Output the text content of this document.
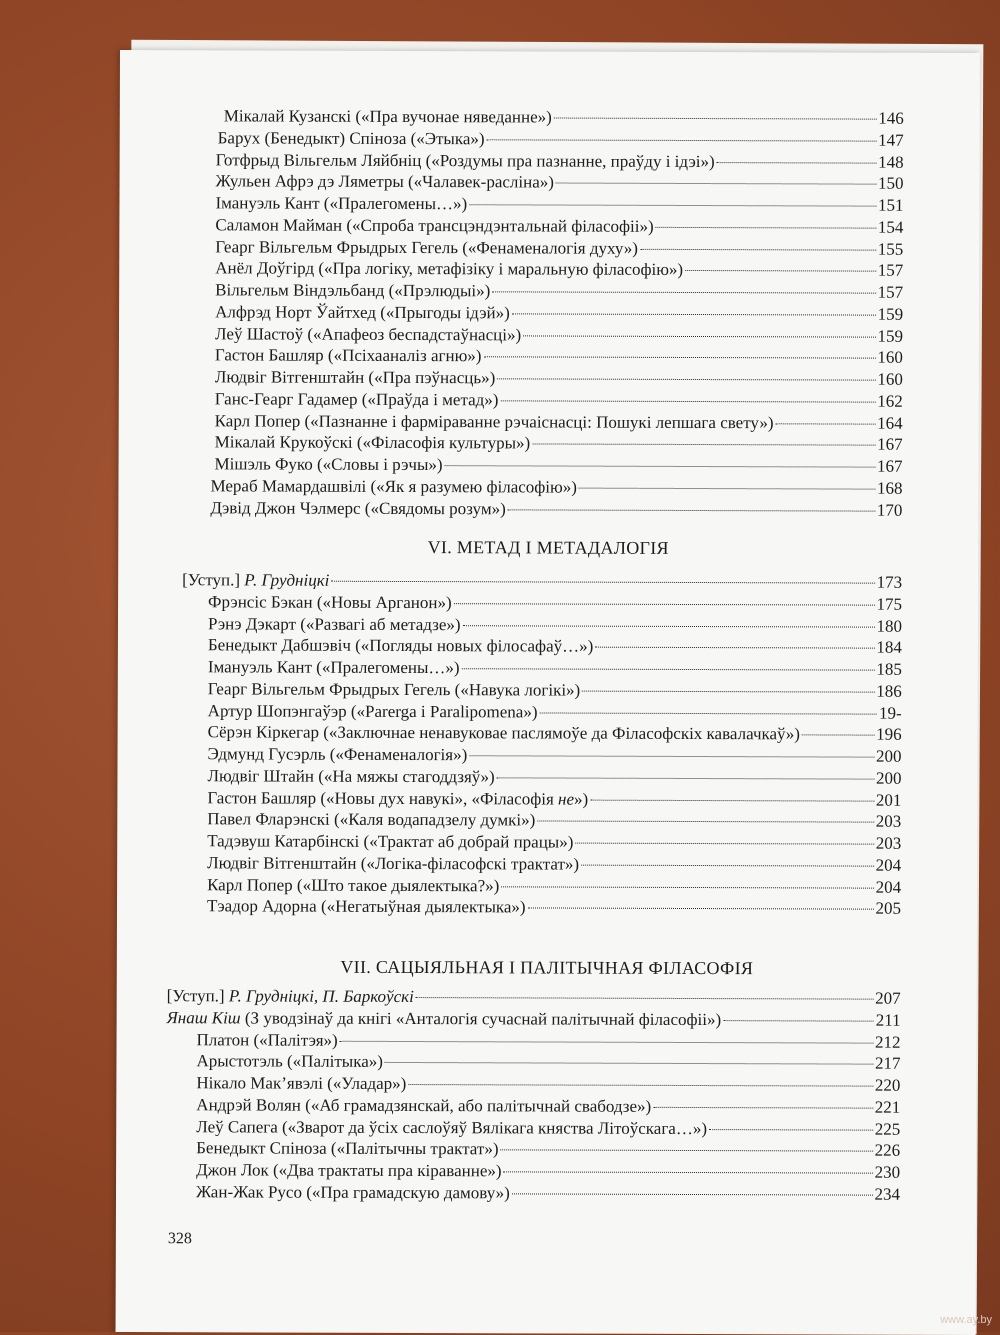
Мікалай Кузанскі («Пра вучонае няведанне»)	146
Барух (Бенедыкт) Спіноза («Этыка»)	147
Готфрыд Вільгельм Ляйбніц («Роздумы пра пазнанне, праўду і ідэі»)	148
Жульен Афрэ дэ Ляметры («Чалавек-расліна»)	150
Імануэль Кант («Пралегомены…»)	151
Саламон Майман («Спроба трансцэндэнтальнай філасофіі»)	154
Геарг Вільгельм Фрыдрых Гегель («Фенаменалогія духу»)	155
Анёл Доўгірд («Пра логіку, метафізіку і маральную філасофію»)	157
Вільгельм Віндэльбанд («Прэлюдыі»)	157
Алфрэд Норт Ўайтхед («Прыгоды ідэй»)	159
Леў Шастоў («Апафеоз беспадстаўнасці»)	159
Гастон Башляр («Псіхааналіз агню»)	160
Людвіг Вітгенштайн («Пра пэўнасць»)	160
Ганс-Геарг Гадамер («Праўда і метад»)	162
Карл Попер («Пазнанне і фарміраванне рэчаіснасці: Пошукі лепшага свету»)	164
Мікалай Крукоўскі («Філасофія культуры»)	167
Мішэль Фуко («Словы і рэчы»)	167
Мераб Мамардашвілі («Як я разумею філасофію»)	168
Дэвід Джон Чэлмерс («Свядомы розум»)	170
VI. МЕТАД І МЕТАДАЛОГІЯ
[Уступ.] Р. Грудніцкі	173
Фрэнсіс Бэкан («Новы Арганон»)	175
Рэнэ Дэкарт («Развагі аб метадзе»)	180
Бенедыкт Дабшэвіч («Погляды новых філосафаў…»)	184
Імануэль Кант («Пралегомены…»)	185
Геарг Вільгельм Фрыдрых Гегель («Навука логікі»)	186
Артур Шопэнгаўэр («Parerga і Paralipomena»)	19-
Сёрэн Кіркегар («Заключнае ненавуковае паслямоўе да Філасофскіх кавалачкаў»)	196
Эдмунд Гусэрль («Фенаменалогія»)	200
Людвіг Штайн («На мяжы стагоддзяў»)	200
Гастон Башляр («Новы дух навукі», «Філасофія не»)	201
Павел Фларэнскі («Каля водападзелу думкі»)	203
Тадэвуш Катарбінскі («Трактат аб добрай працы»)	203
Людвіг Вітгенштайн («Логіка-філасофскі трактат»)	204
Карл Попер («Што такое дыялектыка?»)	204
Тэадор Адорна («Негатыўная дыялектыка»)	205
VII. САЦЫЯЛЬНАЯ І ПАЛІТЫЧНАЯ ФІЛАСОФІЯ
[Уступ.] Р. Грудніцкі, П. Баркоўскі	207
Янаш Кіш (З уводзінаў да кнігі «Анталогія сучаснай палітычнай філасофіі»)	211
Платон («Палітэя»)	212
Арыстотэль («Палітыка»)	217
Нікало Мак’явэлі («Уладар»)	220
Андрэй Волян («Аб грамадзянскай, або палітычнай свабодзе»)	221
Леў Сапега («Зварот да ўсіх саслоўяў Вялікага княства Літоўскага…»)	225
Бенедыкт Спіноза («Палітычны трактат»)	226
Джон Лок («Два трактаты пра кіраванне»)	230
Жан-Жак Русо («Пра грамадскую дамову»)	234
328
www.ay.by
